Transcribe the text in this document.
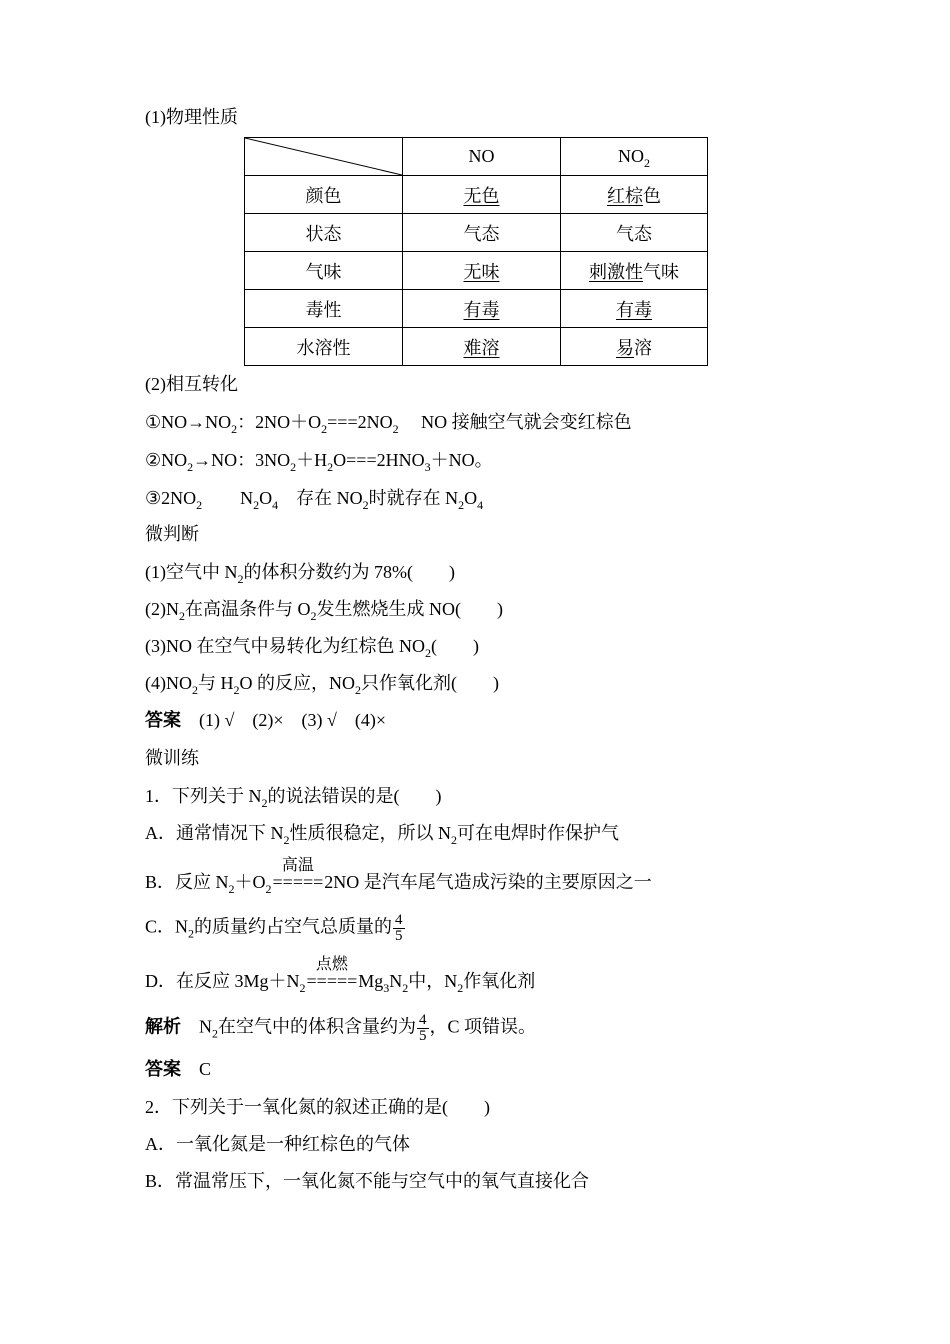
(1)物理性质
	NO	$NO_2$
颜色	无色	红棕色
状态	气态	气态
气味	无味	刺激性气味
毒性	有毒	有毒
水溶性	难溶	易溶
(2)相互转化
$①NO\to NO_2$：$2NO+O_2===2NO_2$　 NO 接触空气就会变红棕色
$②NO_2\to NO$：$3NO_2+H_2O===2HNO_3+NO$。
$③2NO_2$ $N_2O_4$　 存在 $NO_2$时就存在 $N_2O_4$
微判断
(1)空气中 $N_2$的体积分数约为 78%(　　)
$(2)N_2$在高温条件与 $O_2$发生燃烧生成 NO(　　)
(3)NO 在空气中易转化为红棕色 $NO_2$(　　)
$(4)NO_2$与 $H_2O$ 的反应，$NO_2$只作氧化剂(　　)
答案　 (1) √　(2)×　(3) √　(4)×
微训练
1．下列关于 $N_2$的说法错误的是(　　)
A．通常情况下 $N_2$性质很稳定，所以 $N_2$可在电焊时作保护气
B．反应 $N_2+O_2$
高温
=====2NO 是汽车尾气造成污染的主要原因之一
C．$N_2$的质量约占空气总质量的 $\frac{4}{5}$
D．在反应 $3Mg+N_2$
点燃
$=====Mg_3N_2$中，$N_2$作氧化剂
解析　 $N_2$在空气中的体积含量约为 $\frac{4}{5}$ ，C 项错误。
答案　 C
2．下列关于一氧化氮的叙述正确的是(　　)
A．一氧化氮是一种红棕色的气体
B．常温常压下，一氧化氮不能与空气中的氧气直接化合
